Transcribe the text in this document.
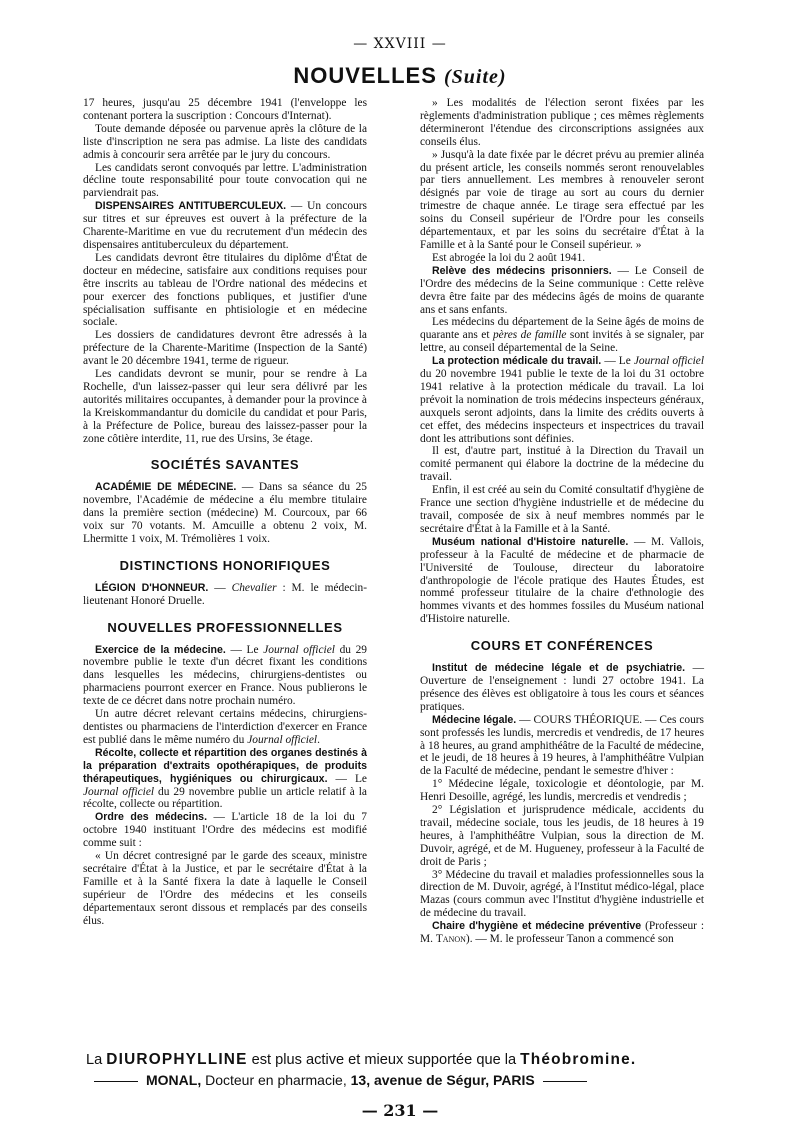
— XXVIII —
NOUVELLES (Suite)

17 heures, jusqu'au 25 décembre 1941 (l'enveloppe les contenant portera la suscription : Concours d'Internat).

Toute demande déposée ou parvenue après la clôture de la liste d'inscription ne sera pas admise. La liste des candidats admis à concourir sera arrêtée par le jury du concours.

Les candidats seront convoqués par lettre. L'administration décline toute responsabilité pour toute convocation qui ne parviendrait pas.

DISPENSAIRES ANTITUBERCULEUX. — Un concours sur titres et sur épreuves est ouvert à la préfecture de la Charente-Maritime en vue du recrutement d'un médecin des dispensaires antituberculeux du département.

Les candidats devront être titulaires du diplôme d'État de docteur en médecine, satisfaire aux conditions requises pour être inscrits au tableau de l'Ordre national des médecins et pour exercer des fonctions publiques, et justifier d'une spécialisation suffisante en phtisiologie et en médecine sociale.

Les dossiers de candidatures devront être adressés à la préfecture de la Charente-Maritime (Inspection de la Santé) avant le 20 décembre 1941, terme de rigueur.

Les candidats devront se munir, pour se rendre à La Rochelle, d'un laissez-passer qui leur sera délivré par les autorités militaires occupantes, à demander pour la province à la Kreiskommandantur du domicile du candidat et pour Paris, à la Préfecture de Police, bureau des laissez-passer pour la zone côtière interdite, 11, rue des Ursins, 3e étage.

SOCIÉTÉS SAVANTES

ACADÉMIE DE MÉDECINE. — Dans sa séance du 25 novembre, l'Académie de médecine a élu membre titulaire dans la première section (médecine) M. Courcoux, par 66 voix sur 70 votants. M. Amcuille a obtenu 2 voix, M. Lhermitte 1 voix, M. Trémolières 1 voix.

DISTINCTIONS HONORIFIQUES

LÉGION D'HONNEUR. — Chevalier : M. le médecin-lieutenant Honoré Druelle.

NOUVELLES PROFESSIONNELLES

Exercice de la médecine. — Le Journal officiel du 29 novembre publie le texte d'un décret fixant les conditions dans lesquelles les médecins, chirurgiens-dentistes ou pharmaciens pourront exercer en France. Nous publierons le texte de ce décret dans notre prochain numéro.

Un autre décret relevant certains médecins, chirurgiens-dentistes ou pharmaciens de l'interdiction d'exercer en France est publié dans le même numéro du Journal officiel.

Récolte, collecte et répartition des organes destinés à la préparation d'extraits opothérapiques, de produits thérapeutiques, hygiéniques ou chirurgicaux. — Le Journal officiel du 29 novembre publie un article relatif à la récolte, collecte ou répartition.

Ordre des médecins. — L'article 18 de la loi du 7 octobre 1940 instituant l'Ordre des médecins est modifié comme suit :

« Un décret contresigné par le garde des sceaux, ministre secrétaire d'État à la Justice, et par le secrétaire d'État à la Famille et à la Santé fixera la date à laquelle le Conseil supérieur de l'Ordre des médecins et les conseils départementaux seront dissous et remplacés par des conseils élus.

» Les modalités de l'élection seront fixées par les règlements d'administration publique ; ces mêmes règlements détermineront l'étendue des circonscriptions assignées aux conseils élus.

» Jusqu'à la date fixée par le décret prévu au premier alinéa du présent article, les conseils nommés seront renouvelables par tiers annuellement. Les membres à renouveler seront désignés par voie de tirage au sort au cours du dernier trimestre de chaque année. Le tirage sera effectué par les soins du Conseil supérieur de l'Ordre pour les conseils départementaux, et par les soins du secrétaire d'État à la Famille et à la Santé pour le Conseil supérieur. »

Est abrogée la loi du 2 août 1941.

Relève des médecins prisonniers. — Le Conseil de l'Ordre des médecins de la Seine communique : Cette relève devra être faite par des médecins âgés de moins de quarante ans et sans enfants.

Les médecins du département de la Seine âgés de moins de quarante ans et pères de famille sont invités à se signaler, par lettre, au conseil départemental de la Seine.

La protection médicale du travail. — Le Journal officiel du 20 novembre 1941 publie le texte de la loi du 31 octobre 1941 relative à la protection médicale du travail. La loi prévoit la nomination de trois médecins inspecteurs généraux, auxquels seront adjoints, dans la limite des crédits ouverts à cet effet, des médecins inspecteurs et inspectrices du travail dont les attributions sont définies.

Il est, d'autre part, institué à la Direction du Travail un comité permanent qui élabore la doctrine de la médecine du travail.

Enfin, il est créé au sein du Comité consultatif d'hygiène de France une section d'hygiène industrielle et de médecine du travail, composée de six à neuf membres nommés par le secrétaire d'État à la Famille et à la Santé.

Muséum national d'Histoire naturelle. — M. Vallois, professeur à la Faculté de médecine et de pharmacie de l'Université de Toulouse, directeur du laboratoire d'anthropologie de l'école pratique des Hautes Études, est nommé professeur titulaire de la chaire d'ethnologie des hommes vivants et des hommes fossiles du Muséum national d'Histoire naturelle.

COURS ET CONFÉRENCES

Institut de médecine légale et de psychiatrie. — Ouverture de l'enseignement : lundi 27 octobre 1941. La présence des élèves est obligatoire à tous les cours et séances pratiques.

Médecine légale. — COURS THÉORIQUE. — Ces cours sont professés les lundis, mercredis et vendredis, de 17 heures à 18 heures, au grand amphithéâtre de la Faculté de médecine, et le jeudi, de 18 heures à 19 heures, à l'amphithéâtre Vulpian de la Faculté de médecine, pendant le semestre d'hiver :

1° Médecine légale, toxicologie et déontologie, par M. Henri Desoille, agrégé, les lundis, mercredis et vendredis ;

2° Législation et jurisprudence médicale, accidents du travail, médecine sociale, tous les jeudis, de 18 heures à 19 heures, à l'amphithéâtre Vulpian, sous la direction de M. Duvoir, agrégé, et de M. Hugueney, professeur à la Faculté de droit de Paris ;

3° Médecine du travail et maladies professionnelles sous la direction de M. Duvoir, agrégé, à l'Institut médico-légal, place Mazas (cours commun avec l'Institut d'hygiène industrielle et de médecine du travail.

Chaire d'hygiène et médecine préventive (Professeur : M. Tanon). — M. le professeur Tanon a commencé son

La DIUROPHYLLINE est plus active et mieux supportée que la Théobromine.
MONAL, Docteur en pharmacie, 13, avenue de Ségur, PARIS
— 231 —
